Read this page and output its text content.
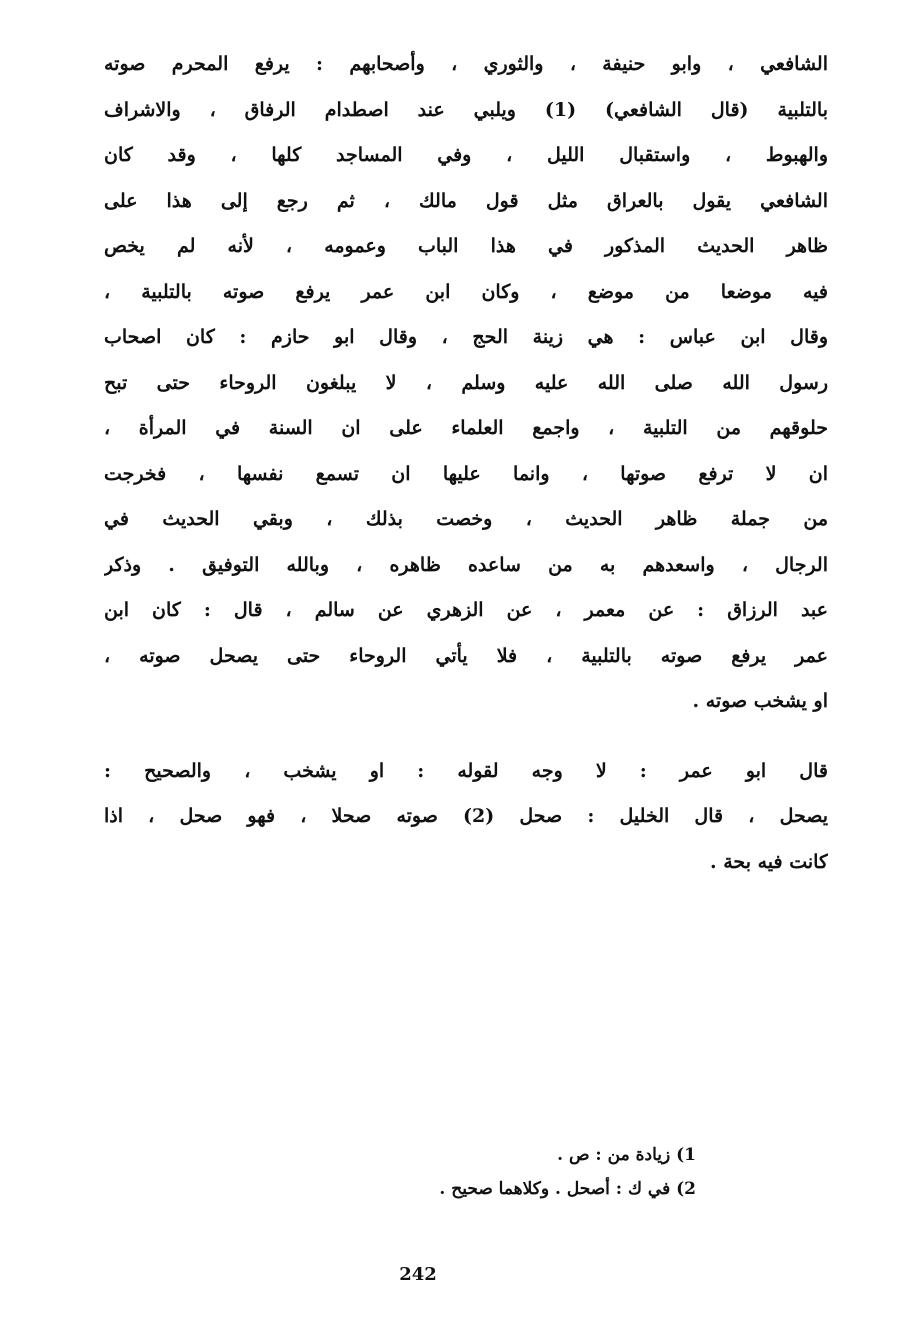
الشافعي ، وابو حنيفة ، والثوري ، وأصحابهم : يرفع المحرم صوته
بالتلبية (قال الشافعي) (1) ويلبي عند اصطدام الرفاق ، والاشراف
والهبوط ، واستقبال الليل ، وفي المساجد كلها ، وقد كان
الشافعي يقول بالعراق مثل قول مالك ، ثم رجع إلى هذا على
ظاهر الحديث المذكور في هذا الباب وعمومه ، لأنه لم يخص
فيه موضعا من موضع ، وكان ابن عمر يرفع صوته بالتلبية ،
وقال ابن عباس : هي زينة الحج ، وقال ابو حازم : كان اصحاب
رسول الله صلى الله عليه وسلم ، لا يبلغون الروحاء حتى تبح
حلوقهم من التلبية ، واجمع العلماء على ان السنة في المرأة ،
ان لا ترفع صوتها ، وانما عليها ان تسمع نفسها ، فخرجت
من جملة ظاهر الحديث ، وخصت بذلك ، وبقي الحديث في
الرجال ، واسعدهم به من ساعده ظاهره ، وبالله التوفيق . وذكر
عبد الرزاق : عن معمر ، عن الزهري عن سالم ، قال : كان ابن
عمر يرفع صوته بالتلبية ، فلا يأتي الروحاء حتى يصحل صوته ،
او يشخب صوته .
قال ابو عمر : لا وجه لقوله : او يشخب ، والصحيح :
يصحل ، قال الخليل : صحل (2) صوته صحلا ، فهو صحل ، اذا
كانت فيه بحة .
1) زيادة من : ص .
2) في ك : أصحل . وكلاهما صحيح .
242
